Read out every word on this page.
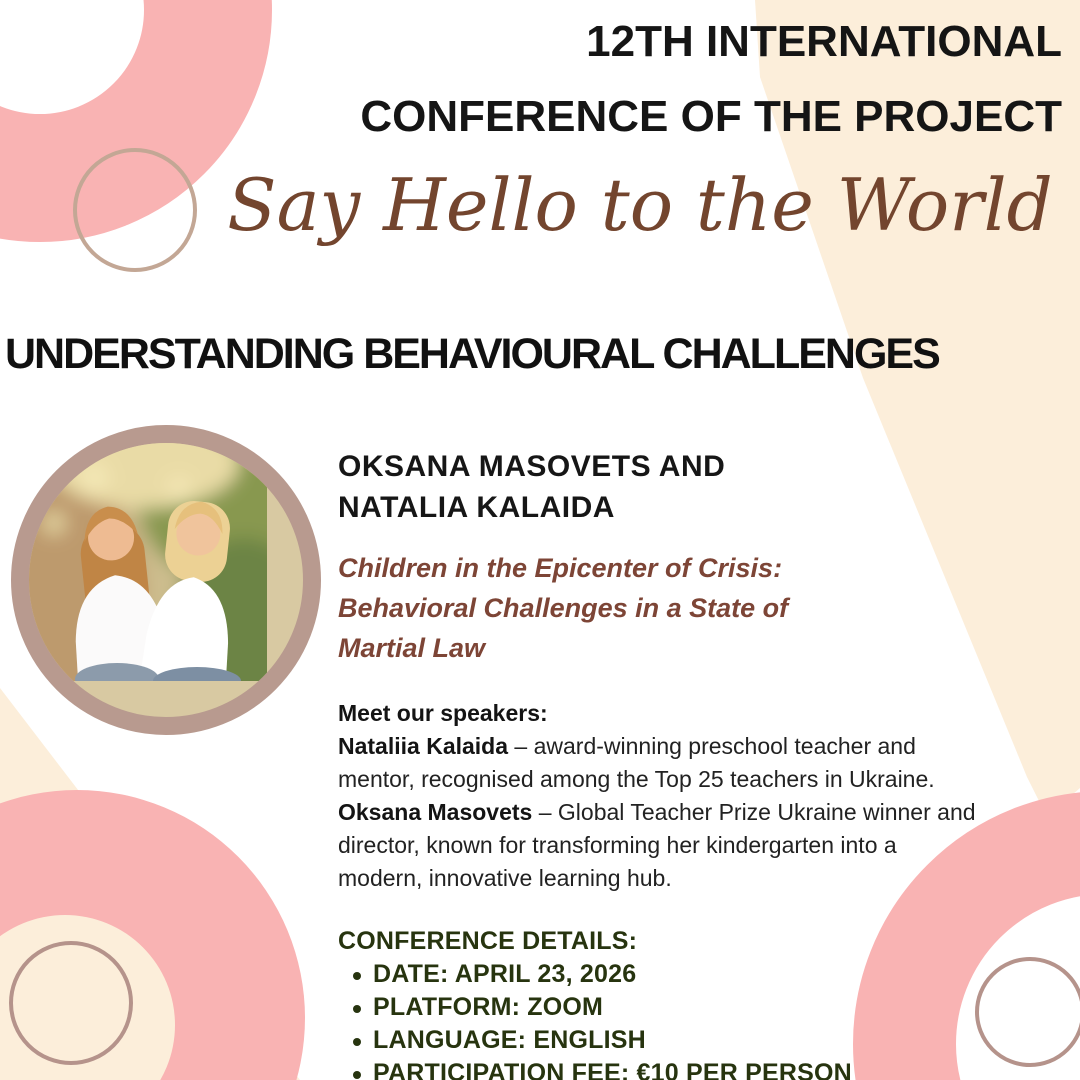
12TH INTERNATIONAL
CONFERENCE OF THE PROJECT
Say Hello to the World
UNDERSTANDING BEHAVIOURAL CHALLENGES
OKSANA MASOVETS AND
NATALIA KALAIDA
Children in the Epicenter of Crisis:
Behavioral Challenges in a State of
Martial Law

Meet our speakers:

Nataliia Kalaida – award-winning preschool teacher and mentor, recognised among the Top 25 teachers in Ukraine.

Oksana Masovets – Global Teacher Prize Ukraine winner and director, known for transforming her kindergarten into a modern, innovative learning hub.

CONFERENCE DETAILS:
DATE: APRIL 23, 2026
PLATFORM: ZOOM
LANGUAGE: ENGLISH
PARTICIPATION FEE: €10 PER PERSON
